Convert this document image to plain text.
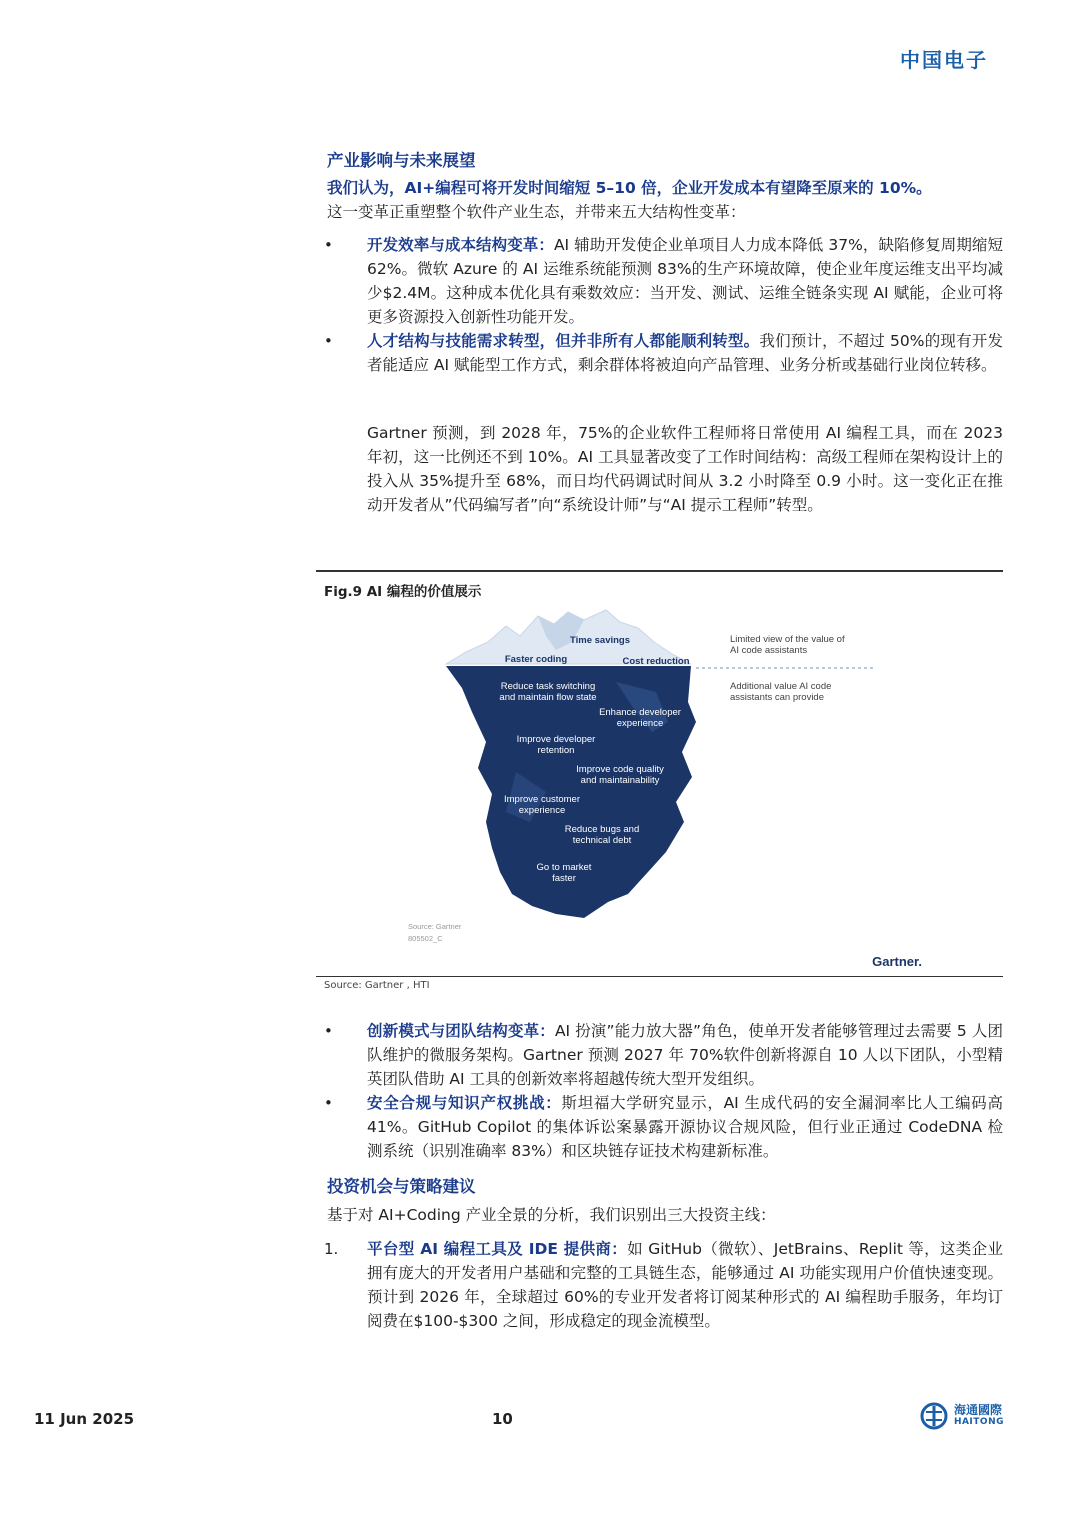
中国电子
产业影响与未来展望
我们认为，AI+编程可将开发时间缩短 5–10 倍，企业开发成本有望降至原来的 10%。
这一变革正重塑整个软件产业生态，并带来五大结构性变革：
• 开发效率与成本结构变革：AI 辅助开发使企业单项目人力成本降低 37%，缺陷修复周期缩短 62%。微软 Azure 的 AI 运维系统能预测 83%的生产环境故障，使企业年度运维支出平均减少$2.4M。这种成本优化具有乘数效应：当开发、测试、运维全链条实现 AI 赋能，企业可将更多资源投入创新性功能开发。
• 人才结构与技能需求转型，但并非所有人都能顺利转型。我们预计，不超过 50%的现有开发者能适应 AI 赋能型工作方式，剩余群体将被迫向产品管理、业务分析或基础行业岗位转移。
Gartner 预测，到 2028 年，75%的企业软件工程师将日常使用 AI 编程工具，而在 2023 年初，这一比例还不到 10%。AI 工具显著改变了工作时间结构：高级工程师在架构设计上的投入从 35%提升至 68%，而日均代码调试时间从 3.2 小时降至 0.9 小时。这一变化正在推动开发者从”代码编写者”向“系统设计师”与“AI 提示工程师”转型。
Fig.9 AI 编程的价值展示
Time savings
Faster coding	Cost reduction
Reduce task switching and maintain flow state
Enhance developer experience
Improve developer retention
Improve code quality and maintainability
Improve customer experience
Reduce bugs and technical debt
Go to market faster
Limited view of the value of AI code assistants
Additional value AI code assistants can provide
Source: Gartner
805502_C
Gartner.
Source: Gartner , HTI
• 创新模式与团队结构变革：AI 扮演”能力放大器”角色，使单开发者能够管理过去需要 5 人团队维护的微服务架构。Gartner 预测 2027 年 70%软件创新将源自 10 人以下团队，小型精英团队借助 AI 工具的创新效率将超越传统大型开发组织。
• 安全合规与知识产权挑战：斯坦福大学研究显示，AI 生成代码的安全漏洞率比人工编码高 41%。GitHub Copilot 的集体诉讼案暴露开源协议合规风险，但行业正通过 CodeDNA 检测系统（识别准确率 83%）和区块链存证技术构建新标准。
投资机会与策略建议
基于对 AI+Coding 产业全景的分析，我们识别出三大投资主线：
1. 平台型 AI 编程工具及 IDE 提供商：如 GitHub（微软）、JetBrains、Replit 等，这类企业拥有庞大的开发者用户基础和完整的工具链生态，能够通过 AI 功能实现用户价值快速变现。预计到 2026 年，全球超过 60%的专业开发者将订阅某种形式的 AI 编程助手服务，年均订阅费在$100-$300 之间，形成稳定的现金流模型。
11 Jun 2025	10	海通國際
HAITONG
